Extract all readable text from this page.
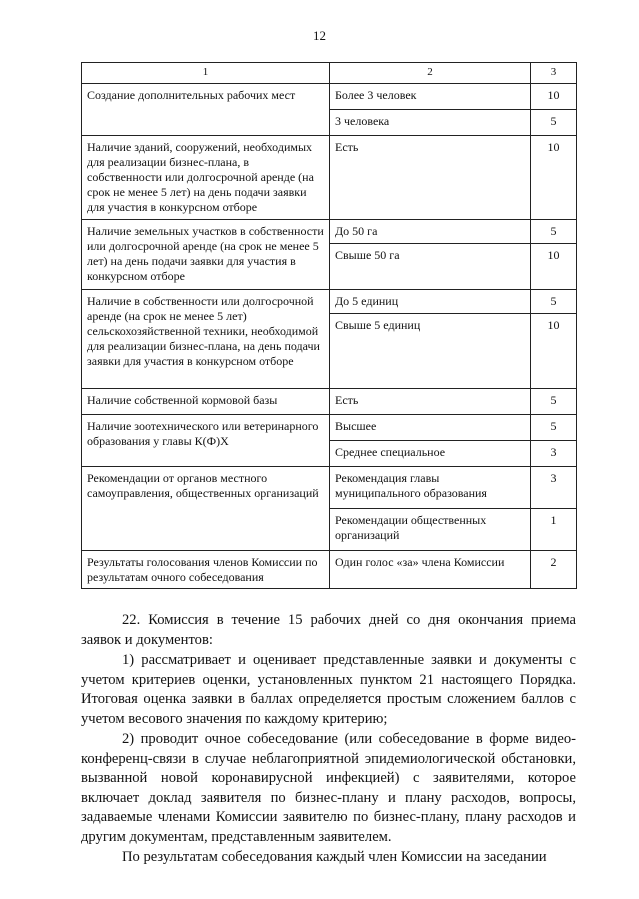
12
1	2	3
Создание дополнительных рабочих мест	Более 3 человек	10
	3 человека	5
Наличие зданий, сооружений, необходимых для реализации бизнес-плана, в собственности или долгосрочной аренде (на срок не менее 5 лет) на день подачи заявки для участия в конкурсном отборе	Есть	10
Наличие земельных участков в собственности или долгосрочной аренде (на срок не менее 5 лет) на день подачи заявки для участия в конкурсном отборе	До 50 га	5
	Свыше 50 га	10
Наличие в собственности или долгосрочной аренде (на срок не менее 5 лет) сельскохозяйственной техники, необходимой для реализации бизнес-плана, на день подачи заявки для участия в конкурсном отборе	До 5 единиц	5
	Свыше 5 единиц	10
Наличие собственной кормовой базы	Есть	5
Наличие зоотехнического или ветеринарного образования у главы К(Ф)Х	Высшее	5
	Среднее специальное	3
Рекомендации от органов местного самоуправления, общественных организаций	Рекомендация главы муниципального образования	3
	Рекомендации общественных организаций	1
Результаты голосования членов Комиссии по результатам очного собеседования	Один голос «за» члена Комиссии	2

22. Комиссия в течение 15 рабочих дней со дня окончания приема заявок и документов:

1) рассматривает и оценивает представленные заявки и документы с учетом критериев оценки, установленных пунктом 21 настоящего Порядка. Итоговая оценка заявки в баллах определяется простым сложением баллов с учетом весового значения по каждому критерию;

2) проводит очное собеседование (или собеседование в форме видео-конференц-связи в случае неблагоприятной эпидемиологической обстановки, вызванной новой коронавирусной инфекцией) с заявителями, которое включает доклад заявителя по бизнес-плану и плану расходов, вопросы, задаваемые членами Комиссии заявителю по бизнес-плану, плану расходов и другим документам, представленным заявителем.

По результатам собеседования каждый член Комиссии на заседании
